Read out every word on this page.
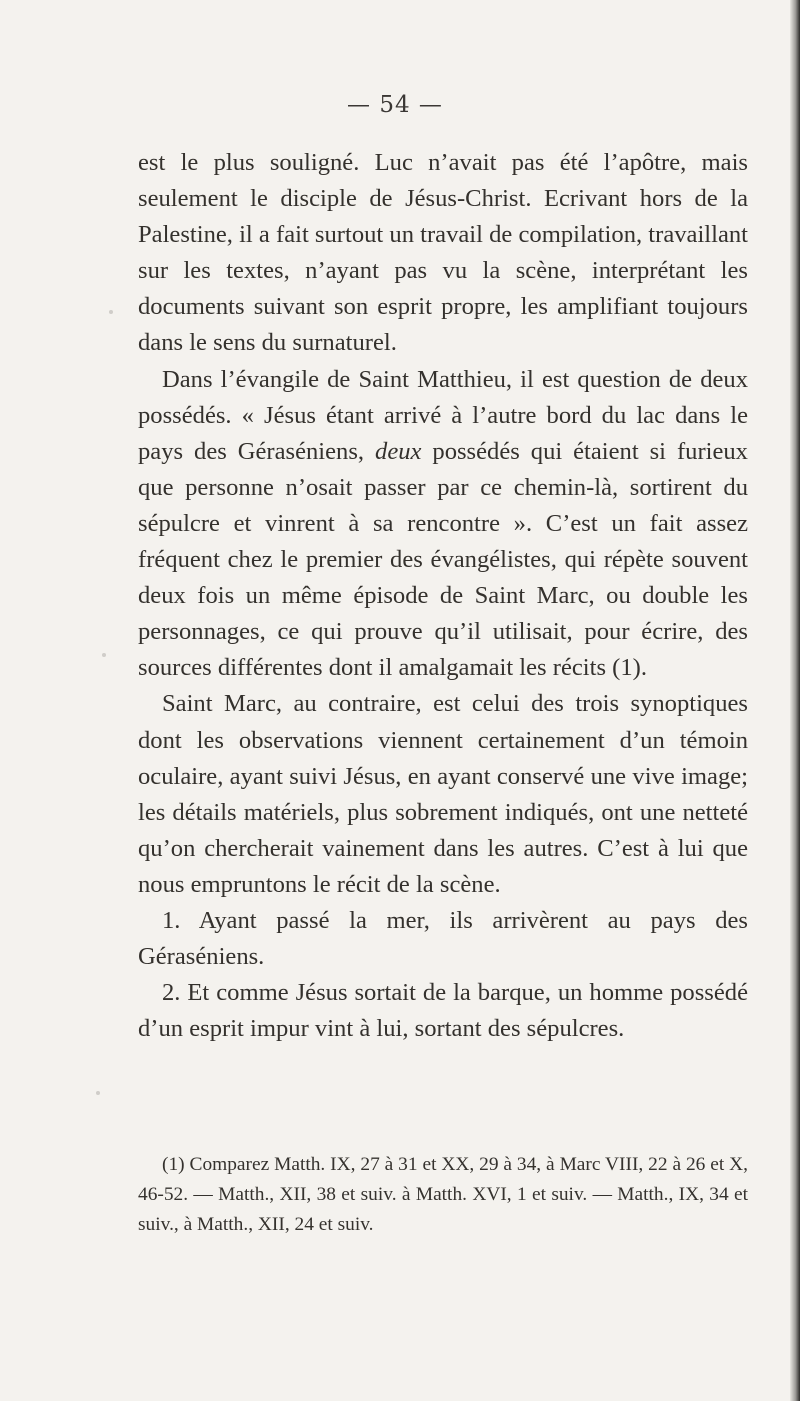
— 54 —

est le plus souligné. Luc n’avait pas été l’apôtre, mais seulement le disciple de Jésus-Christ. Ecrivant hors de la Palestine, il a fait surtout un travail de compilation, travaillant sur les textes, n’ayant pas vu la scène, interprétant les documents suivant son esprit propre, les amplifiant toujours dans le sens du surnaturel.

Dans l’évangile de Saint Matthieu, il est question de deux possédés. « Jésus étant arrivé à l’autre bord du lac dans le pays des Géraséniens, deux possédés qui étaient si furieux que personne n’osait passer par ce chemin-là, sortirent du sépulcre et vinrent à sa rencontre ». C’est un fait assez fréquent chez le premier des évangélistes, qui répète souvent deux fois un même épisode de Saint Marc, ou double les personnages, ce qui prouve qu’il utilisait, pour écrire, des sources différentes dont il amalgamait les récits (1).

Saint Marc, au contraire, est celui des trois synoptiques dont les observations viennent certainement d’un témoin oculaire, ayant suivi Jésus, en ayant conservé une vive image; les détails matériels, plus sobrement indiqués, ont une netteté qu’on chercherait vainement dans les autres. C’est à lui que nous empruntons le récit de la scène.

1. Ayant passé la mer, ils arrivèrent au pays des Géraséniens.

2. Et comme Jésus sortait de la barque, un homme possédé d’un esprit impur vint à lui, sortant des sépulcres.

(1) Comparez Matth. IX, 27 à 31 et XX, 29 à 34, à Marc VIII, 22 à 26 et X, 46-52. — Matth., XII, 38 et suiv. à Matth. XVI, 1 et suiv. — Matth., IX, 34 et suiv., à Matth., XII, 24 et suiv.
